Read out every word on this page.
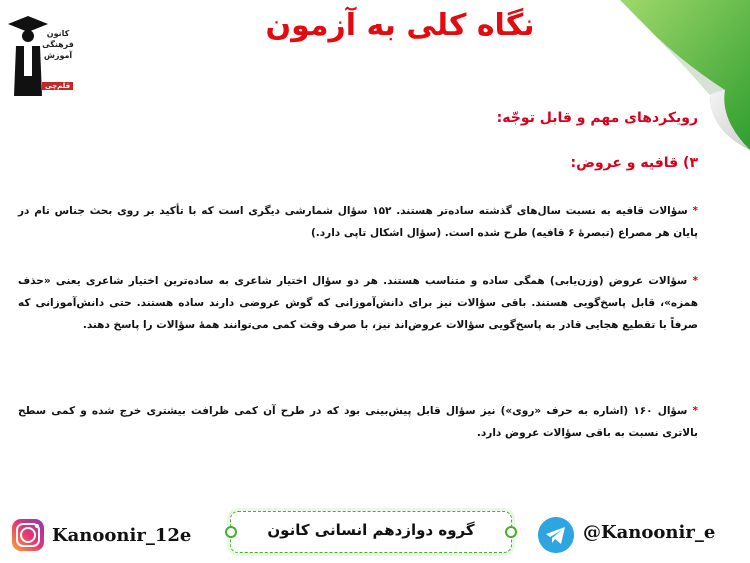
کانون
فرهنگی
آموزش
قلم‌چی
نگاه کلی به آزمون
رویکردهای مهم و قابل توجّه:
۳) قافیه و عروض:
* سؤالات قافیه به نسبت سال‌های گذشته ساده‌تر هستند. ۱۵۲ سؤال شمارشی دیگری است که با تأکید بر روی بحث جناس تام در پایان هر مصراع (تبصرهٔ ۶ قافیه) طرح شده است. (سؤال اشکال تاپی دارد.)
* سؤالات عروض (وزن‌یابی) همگی ساده و متناسب هستند. هر دو سؤال اختیار شاعری به ساده‌ترین اختیار شاعری یعنی «حذف همزه»، قابل پاسخ‌گویی هستند. باقی سؤالات نیز برای دانش‌آموزانی که گوش عروضی دارند ساده هستند. حتی دانش‌آموزانی که صرفاً با تقطیع هجایی قادر به پاسخ‌گویی سؤالات عروض‌اند نیز، با صرف وقت کمی می‌توانند همهٔ سؤالات را پاسخ دهند.
* سؤال ۱۶۰ (اشاره به حرف «روی») نیز سؤال قابل پیش‌بینی بود که در طرح آن کمی ظرافت بیشتری خرج شده و کمی سطح بالاتری نسبت به باقی سؤالات عروض دارد.
Kanoonir_12e	گروه دوازدهم انسانی کانون	@Kanoonir_e
